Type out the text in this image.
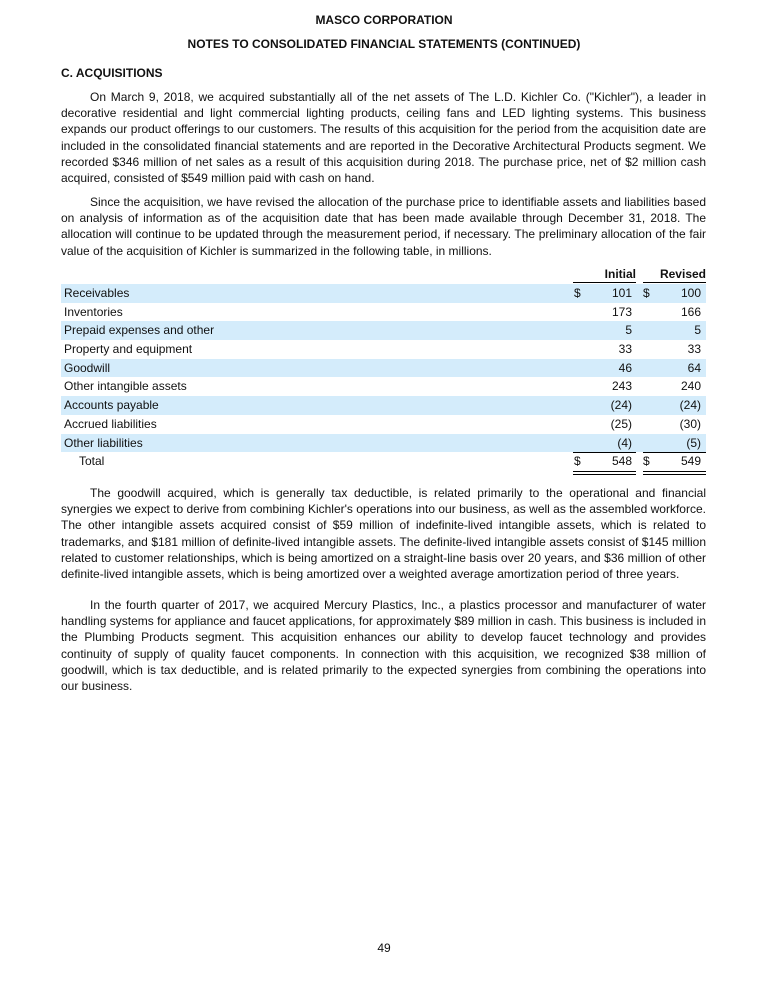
MASCO CORPORATION
NOTES TO CONSOLIDATED FINANCIAL STATEMENTS (CONTINUED)
C. ACQUISITIONS

On March 9, 2018, we acquired substantially all of the net assets of The L.D. Kichler Co. ("Kichler"), a leader in decorative residential and light commercial lighting products, ceiling fans and LED lighting systems. This business expands our product offerings to our customers. The results of this acquisition for the period from the acquisition date are included in the consolidated financial statements and are reported in the Decorative Architectural Products segment. We recorded $346 million of net sales as a result of this acquisition during 2018. The purchase price, net of $2 million cash acquired, consisted of $549 million paid with cash on hand.

Since the acquisition, we have revised the allocation of the purchase price to identifiable assets and liabilities based on analysis of information as of the acquisition date that has been made available through December 31, 2018. The allocation will continue to be updated through the measurement period, if necessary. The preliminary allocation of the fair value of the acquisition of Kichler is summarized in the following table, in millions.

Initial	Revised
Receivables	$	101 $	100
Inventories	173	166
Prepaid expenses and other	5	5
Property and equipment	33	33
Goodwill	46	64
Other intangible assets	243	240
Accounts payable	(24)	(24)
Accrued liabilities	(25)	(30)
Other liabilities	(4)	(5)
Total	$	548 $	549

The goodwill acquired, which is generally tax deductible, is related primarily to the operational and financial synergies we expect to derive from combining Kichler's operations into our business, as well as the assembled workforce. The other intangible assets acquired consist of $59 million of indefinite-lived intangible assets, which is related to trademarks, and $181 million of definite-lived intangible assets. The definite-lived intangible assets consist of $145 million related to customer relationships, which is being amortized on a straight-line basis over 20 years, and $36 million of other definite-lived intangible assets, which is being amortized over a weighted average amortization period of three years.

In the fourth quarter of 2017, we acquired Mercury Plastics, Inc., a plastics processor and manufacturer of water handling systems for appliance and faucet applications, for approximately $89 million in cash. This business is included in the Plumbing Products segment. This acquisition enhances our ability to develop faucet technology and provides continuity of supply of quality faucet components. In connection with this acquisition, we recognized $38 million of goodwill, which is tax deductible, and is related primarily to the expected synergies from combining the operations into our business.

49
